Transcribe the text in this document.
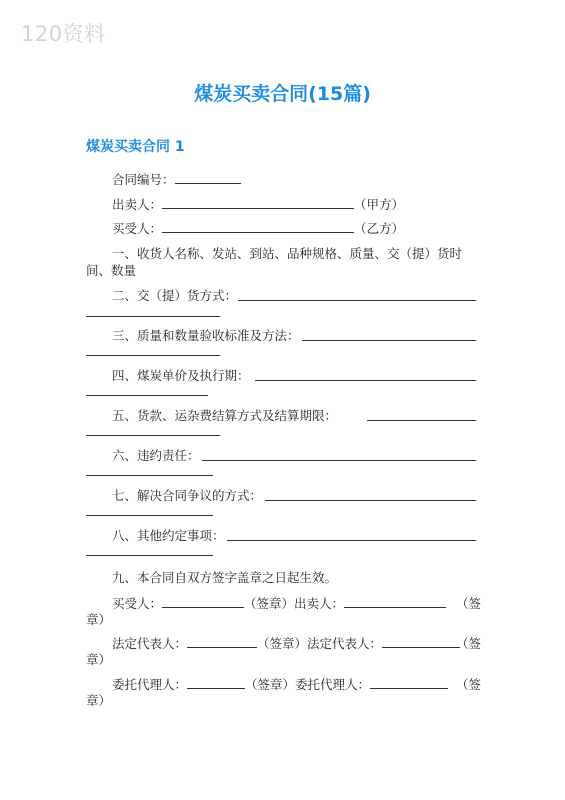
120资料
煤炭买卖合同(15篇)
煤炭买卖合同 1
合同编号：
出卖人：	（甲方）
买受人：	（乙方）
一、收货人名称、发站、到站、品种规格、质量、交（提）货时
间、数量
二、交（提）货方式：
三、质量和数量验收标准及方法：
四、煤炭单价及执行期：
五、货款、运杂费结算方式及结算期限：
六、违约责任：
七、解决合同争议的方式：
八、其他约定事项：
九、本合同自双方签字盖章之日起生效。
买受人：	（签章）出卖人：	（签
章）
法定代表人：	（签章）法定代表人：	（签
章）
委托代理人：	（签章）委托代理人：	（签
章）
